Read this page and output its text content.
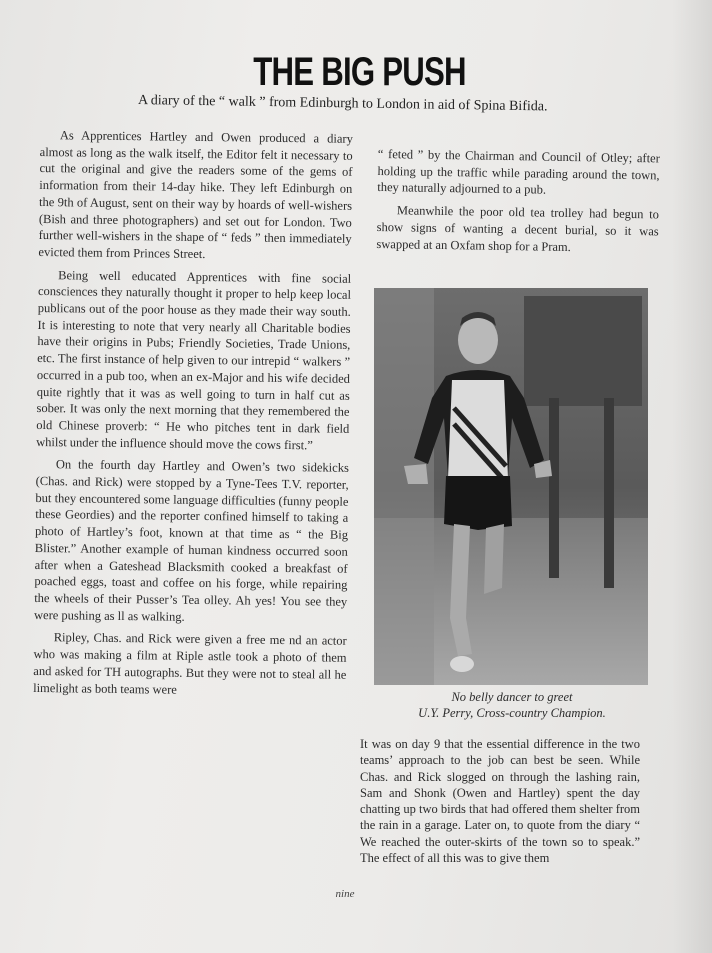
THE BIG PUSH
A diary of the “ walk ” from Edinburgh to London in aid of Spina Bifida.

As Apprentices Hartley and Owen produced a diary almost as long as the walk itself, the Editor felt it necessary to cut the original and give the readers some of the gems of information from their 14-day hike. They left Edinburgh on the 9th of August, sent on their way by hoards of well-wishers (Bish and three photographers) and set out for London. Two further well-wishers in the shape of “ feds ” then immediately evicted them from Princes Street.

Being well educated Apprentices with fine social consciences they naturally thought it proper to help keep local publicans out of the poor house as they made their way south. It is interesting to note that very nearly all Charitable bodies have their origins in Pubs; Friendly Societies, Trade Unions, etc. The first instance of help given to our intrepid “ walkers ” occurred in a pub too, when an ex-Major and his wife decided quite rightly that it was as well going to turn in half cut as sober. It was only the next morning that they remembered the old Chinese proverb: “ He who pitches tent in dark field whilst under the influence should move the cows first.”

On the fourth day Hartley and Owen’s two sidekicks (Chas. and Rick) were stopped by a Tyne-Tees T.V. reporter, but they encountered some language difficulties (funny people these Geordies) and the reporter confined himself to taking a photo of Hartley’s foot, known at that time as “ the Big Blister.” Another example of human kindness occurred soon after when a Gateshead Blacksmith cooked a breakfast of poached eggs, toast and coffee on his forge, while repairing the wheels of their Pusser’s Tea olley. Ah yes! You see they were pushing as ll as walking.

Ripley, Chas. and Rick were given a free me nd an actor who was making a film at Riple astle took a photo of them and asked for TH autographs. But they were not to steal all he limelight as both teams were

“ feted ” by the Chairman and Council of Otley; after holding up the traffic while parading around the town, they naturally adjourned to a pub.

Meanwhile the poor old tea trolley had begun to show signs of wanting a decent burial, so it was swapped at an Oxfam shop for a Pram.

No belly dancer to greet
U.Y. Perry, Cross-country Champion.

It was on day 9 that the essential difference in the two teams’ approach to the job can best be seen. While Chas. and Rick slogged on through the lashing rain, Sam and Shonk (Owen and Hartley) spent the day chatting up two birds that had offered them shelter from the rain in a garage. Later on, to quote from the diary “ We reached the outer-skirts of the town so to speak.” The effect of all this was to give them

nine
